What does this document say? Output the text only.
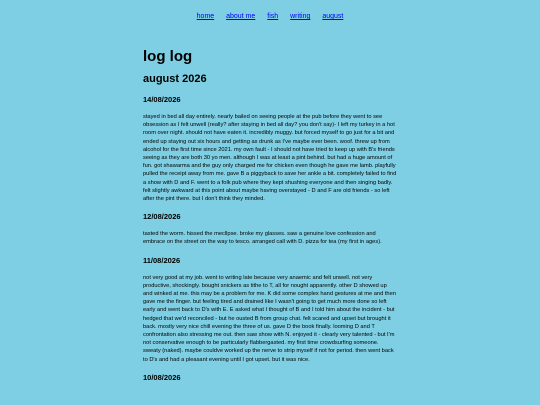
home about me fish writing august
log log
august 2026
14/08/2026

stayed in bed all day entirely. nearly bailed on seeing people at the pub before they went to see obsession as I felt unwell (really? after staying in bed all day? you don't say)- I left my turkey in a hot room over night. should not have eaten it. incredibly muggy. but forced myself to go just for a bit and ended up staying out six hours and getting as drunk as I've maybe ever been. woof. threw up from alcohol for the first time since 2021. my own fault - I should not have tried to keep up with B's friends seeing as they are both 30 yo men. although I was at least a pint behind. but had a huge amount of fun. got shawarma and the guy only charged me for chicken even though he gave me lamb. playfully pulled the receipt away from me. gave B a piggyback to save her ankle a bit. completely failed to find a show with D and F. went to a folk pub where they kept shushing everyone and then singing badly. felt slightly awkward at this point about maybe having overstayed - D and F are old friends - so left after the pint there. but I don't think they minded.

12/08/2026

tasted the worm. hissed the mecllpse. broke my glasses. saw a genuine love confession and embrace on the street on the way to tesco. arranged call with D. pizza for tea (my first in ages).

11/08/2026

not very good at my job. went to writing late because very anaemic and felt unwell. not very productive, shockingly. bought snickers as tithe to T, all for nought apparently. other D showed up and winked at me. this may be a problem for me. K did some complex hand gestures at me and then gave me the finger. but feeling tired and drained like I wasn't going to get much more done so left early and went back to D's with E. E asked what I thought of B and I told him about the incident - but hedged that we'd reconciled - but he ousted B from group chat. felt scared and upset but brought it back. mostly very nice chill evening the three of us. gave D the book finally. looming D and T confrontation also stressing me out. then saw show with N. enjoyed it - clearly very talented - but I'm not conservative enough to be particularly flabbergasted. my first time crowdsurfing someone. sweaty (naked). maybe couldve worked up the nerve to strip myself if not for period. then went back to D's and had a pleasant evening until I got upset. but it was nice.

10/08/2026
